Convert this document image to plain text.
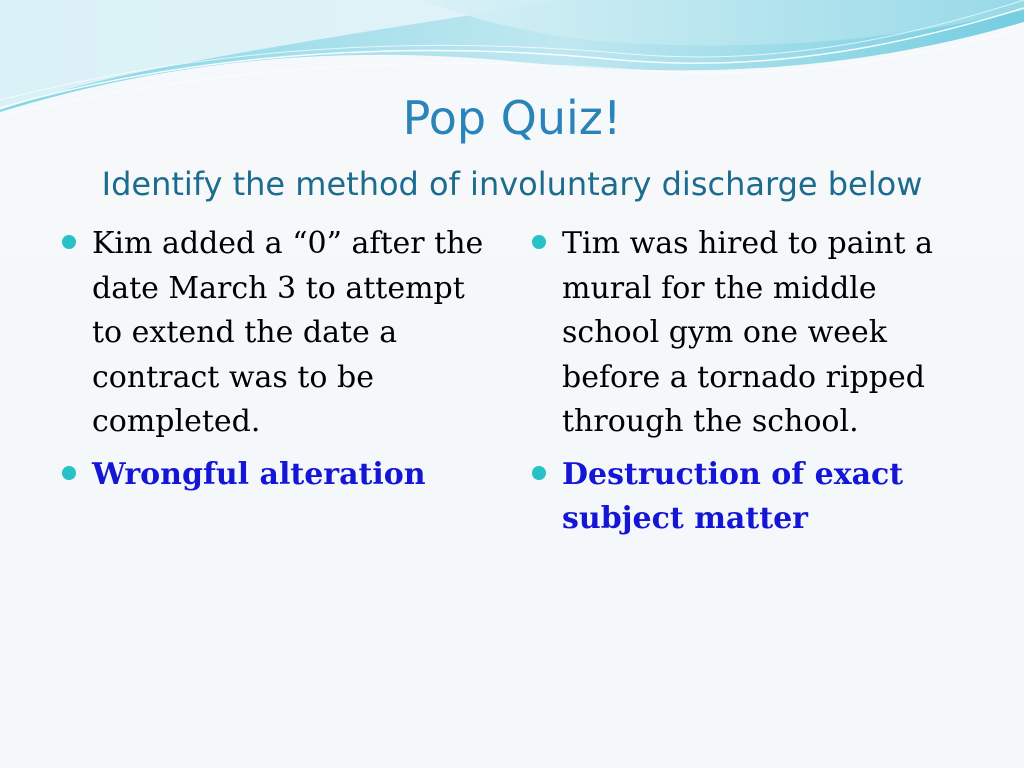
Pop Quiz!
Identify the method of involuntary discharge below
Kim added a “0” after the date March 3 to attempt to extend the date a contract was to be completed.
Wrongful alteration
Tim was hired to paint a mural for the middle school gym one week before a tornado ripped through the school.
Destruction of exact subject matter
